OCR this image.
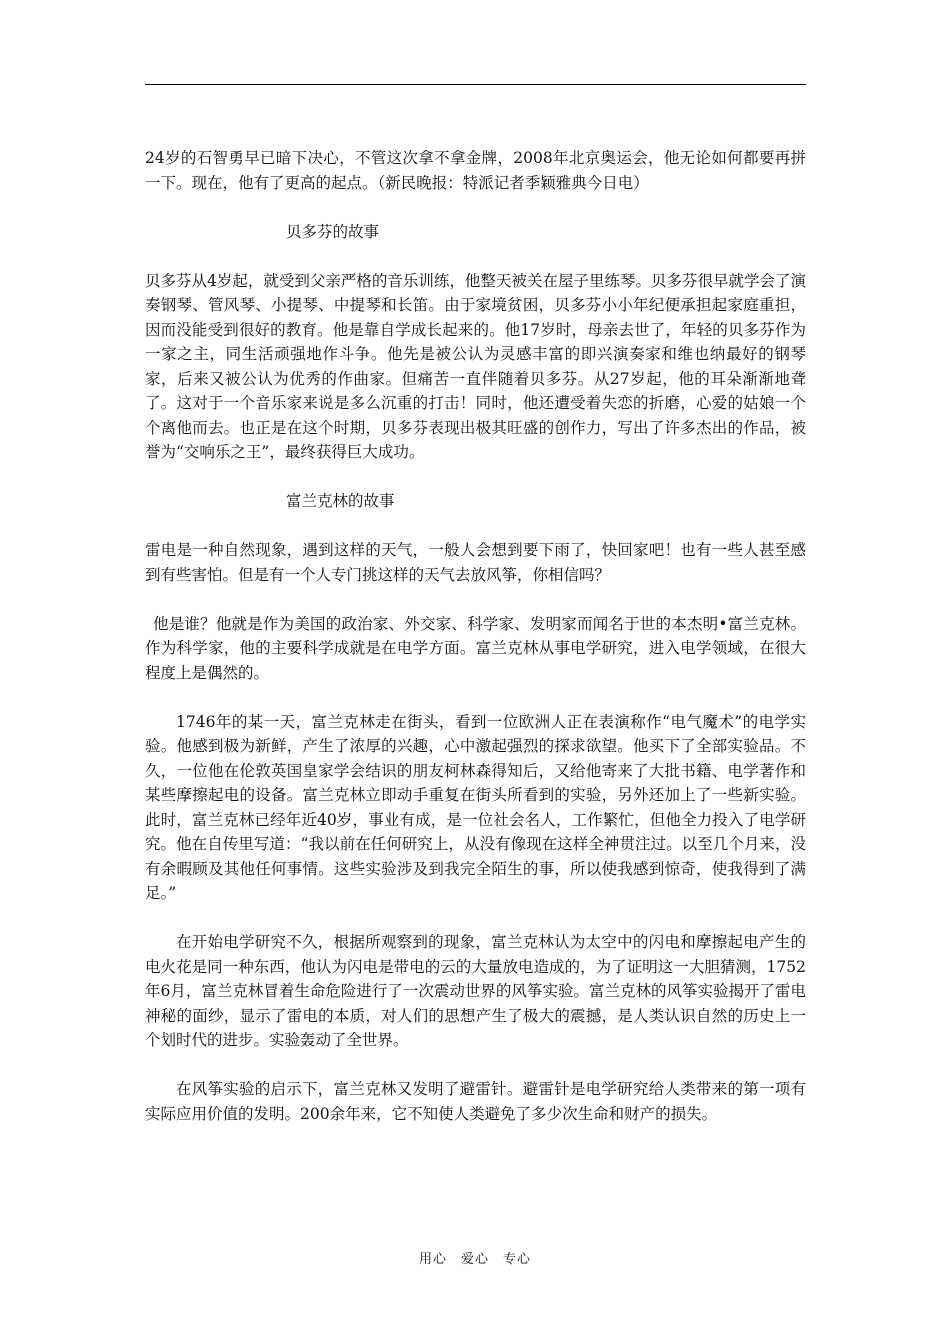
24岁的石智勇早已暗下决心，不管这次拿不拿金牌，2008年北京奥运会，他无论如何都要再拼一下。现在，他有了更高的起点。（新民晚报：特派记者季颖雅典今日电）

贝多芬的故事

贝多芬从4岁起，就受到父亲严格的音乐训练，他整天被关在屋子里练琴。贝多芬很早就学会了演奏钢琴、管风琴、小提琴、中提琴和长笛。由于家境贫困，贝多芬小小年纪便承担起家庭重担，因而没能受到很好的教育。他是靠自学成长起来的。他17岁时，母亲去世了，年轻的贝多芬作为一家之主，同生活顽强地作斗争。他先是被公认为灵感丰富的即兴演奏家和维也纳最好的钢琴家，后来又被公认为优秀的作曲家。但痛苦一直伴随着贝多芬。从27岁起，他的耳朵渐渐地聋了。这对于一个音乐家来说是多么沉重的打击！同时，他还遭受着失恋的折磨，心爱的姑娘一个个离他而去。也正是在这个时期，贝多芬表现出极其旺盛的创作力，写出了许多杰出的作品，被誉为“交响乐之王”，最终获得巨大成功。

富兰克林的故事

雷电是一种自然现象，遇到这样的天气，一般人会想到要下雨了，快回家吧！也有一些人甚至感到有些害怕。但是有一个人专门挑这样的天气去放风筝，你相信吗？

他是谁？他就是作为美国的政治家、外交家、科学家、发明家而闻名于世的本杰明•富兰克林。作为科学家，他的主要科学成就是在电学方面。富兰克林从事电学研究，进入电学领域，在很大程度上是偶然的。

1746年的某一天，富兰克林走在街头，看到一位欧洲人正在表演称作“电气魔术”的电学实验。他感到极为新鲜，产生了浓厚的兴趣，心中激起强烈的探求欲望。他买下了全部实验品。不久，一位他在伦敦英国皇家学会结识的朋友柯林森得知后，又给他寄来了大批书籍、电学著作和某些摩擦起电的设备。富兰克林立即动手重复在街头所看到的实验，另外还加上了一些新实验。此时，富兰克林已经年近40岁，事业有成，是一位社会名人，工作繁忙，但他全力投入了电学研究。他在自传里写道：“我以前在任何研究上，从没有像现在这样全神贯注过。以至几个月来，没有余暇顾及其他任何事情。这些实验涉及到我完全陌生的事，所以使我感到惊奇，使我得到了满足。”

在开始电学研究不久，根据所观察到的现象，富兰克林认为太空中的闪电和摩擦起电产生的电火花是同一种东西，他认为闪电是带电的云的大量放电造成的，为了证明这一大胆猜测，1752年6月，富兰克林冒着生命危险进行了一次震动世界的风筝实验。富兰克林的风筝实验揭开了雷电神秘的面纱，显示了雷电的本质，对人们的思想产生了极大的震撼，是人类认识自然的历史上一个划时代的进步。实验轰动了全世界。

在风筝实验的启示下，富兰克林又发明了避雷针。避雷针是电学研究给人类带来的第一项有实际应用价值的发明。200余年来，它不知使人类避免了多少次生命和财产的损失。

用心　爱心　专心
